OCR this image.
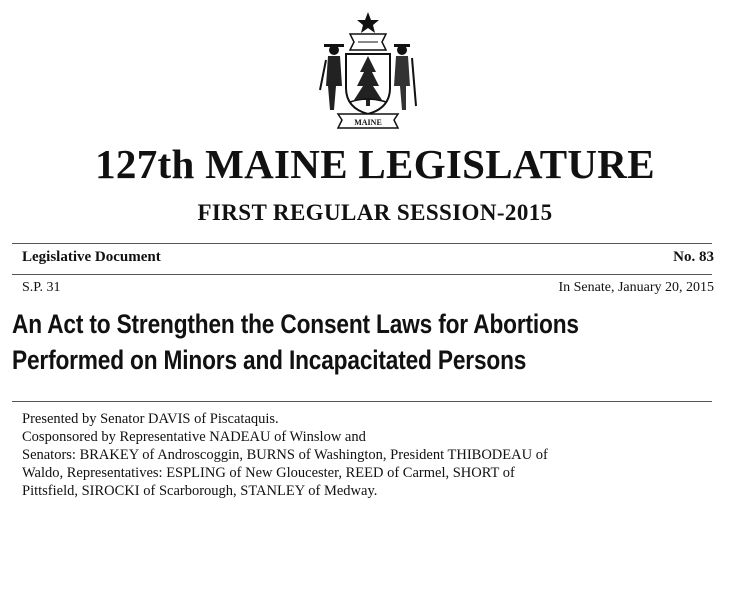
MAINE
127th MAINE LEGISLATURE
FIRST REGULAR SESSION-2015
Legislative Document	No. 83
S.P. 31	In Senate, January 20, 2015
An Act to Strengthen the Consent Laws for Abortions
Performed on Minors and Incapacitated Persons
Presented by Senator DAVIS of Piscataquis.
Cosponsored by Representative NADEAU of Winslow and
Senators: BRAKEY of Androscoggin, BURNS of Washington, President THIBODEAU of
Waldo, Representatives: ESPLING of New Gloucester, REED of Carmel, SHORT of
Pittsfield, SIROCKI of Scarborough, STANLEY of Medway.
